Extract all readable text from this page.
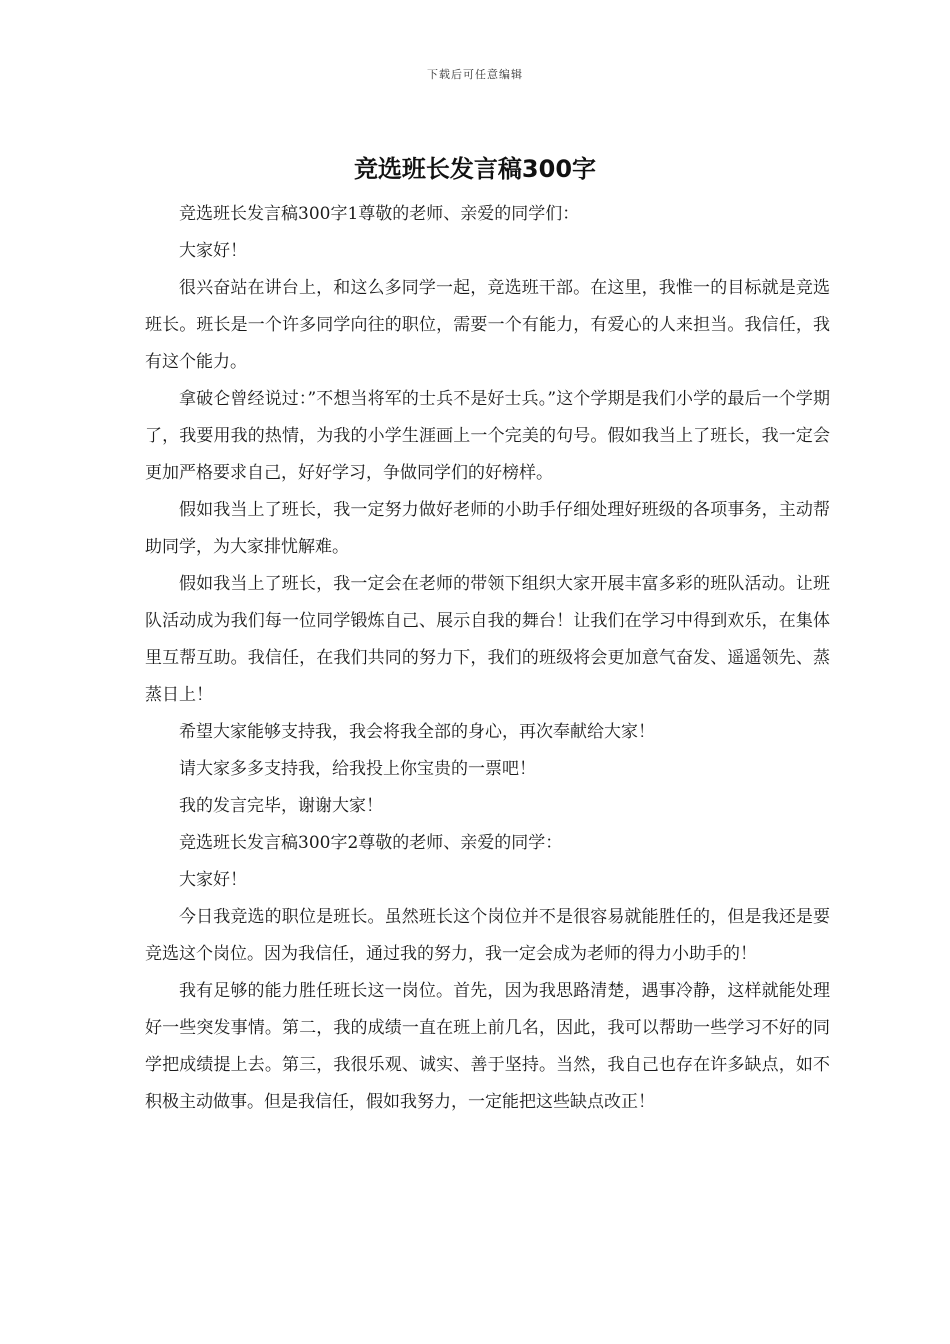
下载后可任意编辑
竞选班长发言稿300字

竞选班长发言稿300字1尊敬的老师、亲爱的同学们：

大家好！

很兴奋站在讲台上，和这么多同学一起，竞选班干部。在这里，我惟一的目标就是竞选班长。班长是一个许多同学向往的职位，需要一个有能力，有爱心的人来担当。我信任，我有这个能力。

拿破仑曾经说过：”不想当将军的士兵不是好士兵。”这个学期是我们小学的最后一个学期了，我要用我的热情，为我的小学生涯画上一个完美的句号。假如我当上了班长，我一定会更加严格要求自己，好好学习，争做同学们的好榜样。

假如我当上了班长，我一定努力做好老师的小助手仔细处理好班级的各项事务，主动帮助同学，为大家排忧解难。

假如我当上了班长，我一定会在老师的带领下组织大家开展丰富多彩的班队活动。让班队活动成为我们每一位同学锻炼自己、展示自我的舞台！让我们在学习中得到欢乐，在集体里互帮互助。我信任，在我们共同的努力下，我们的班级将会更加意气奋发、遥遥领先、蒸蒸日上！

希望大家能够支持我，我会将我全部的身心，再次奉献给大家！

请大家多多支持我，给我投上你宝贵的一票吧！

我的发言完毕，谢谢大家！

竞选班长发言稿300字2尊敬的老师、亲爱的同学：

大家好！

今日我竞选的职位是班长。虽然班长这个岗位并不是很容易就能胜任的，但是我还是要竞选这个岗位。因为我信任，通过我的努力，我一定会成为老师的得力小助手的！

我有足够的能力胜任班长这一岗位。首先，因为我思路清楚，遇事冷静，这样就能处理好一些突发事情。第二，我的成绩一直在班上前几名，因此，我可以帮助一些学习不好的同学把成绩提上去。第三，我很乐观、诚实、善于坚持。当然，我自己也存在许多缺点，如不积极主动做事。但是我信任，假如我努力，一定能把这些缺点改正！
